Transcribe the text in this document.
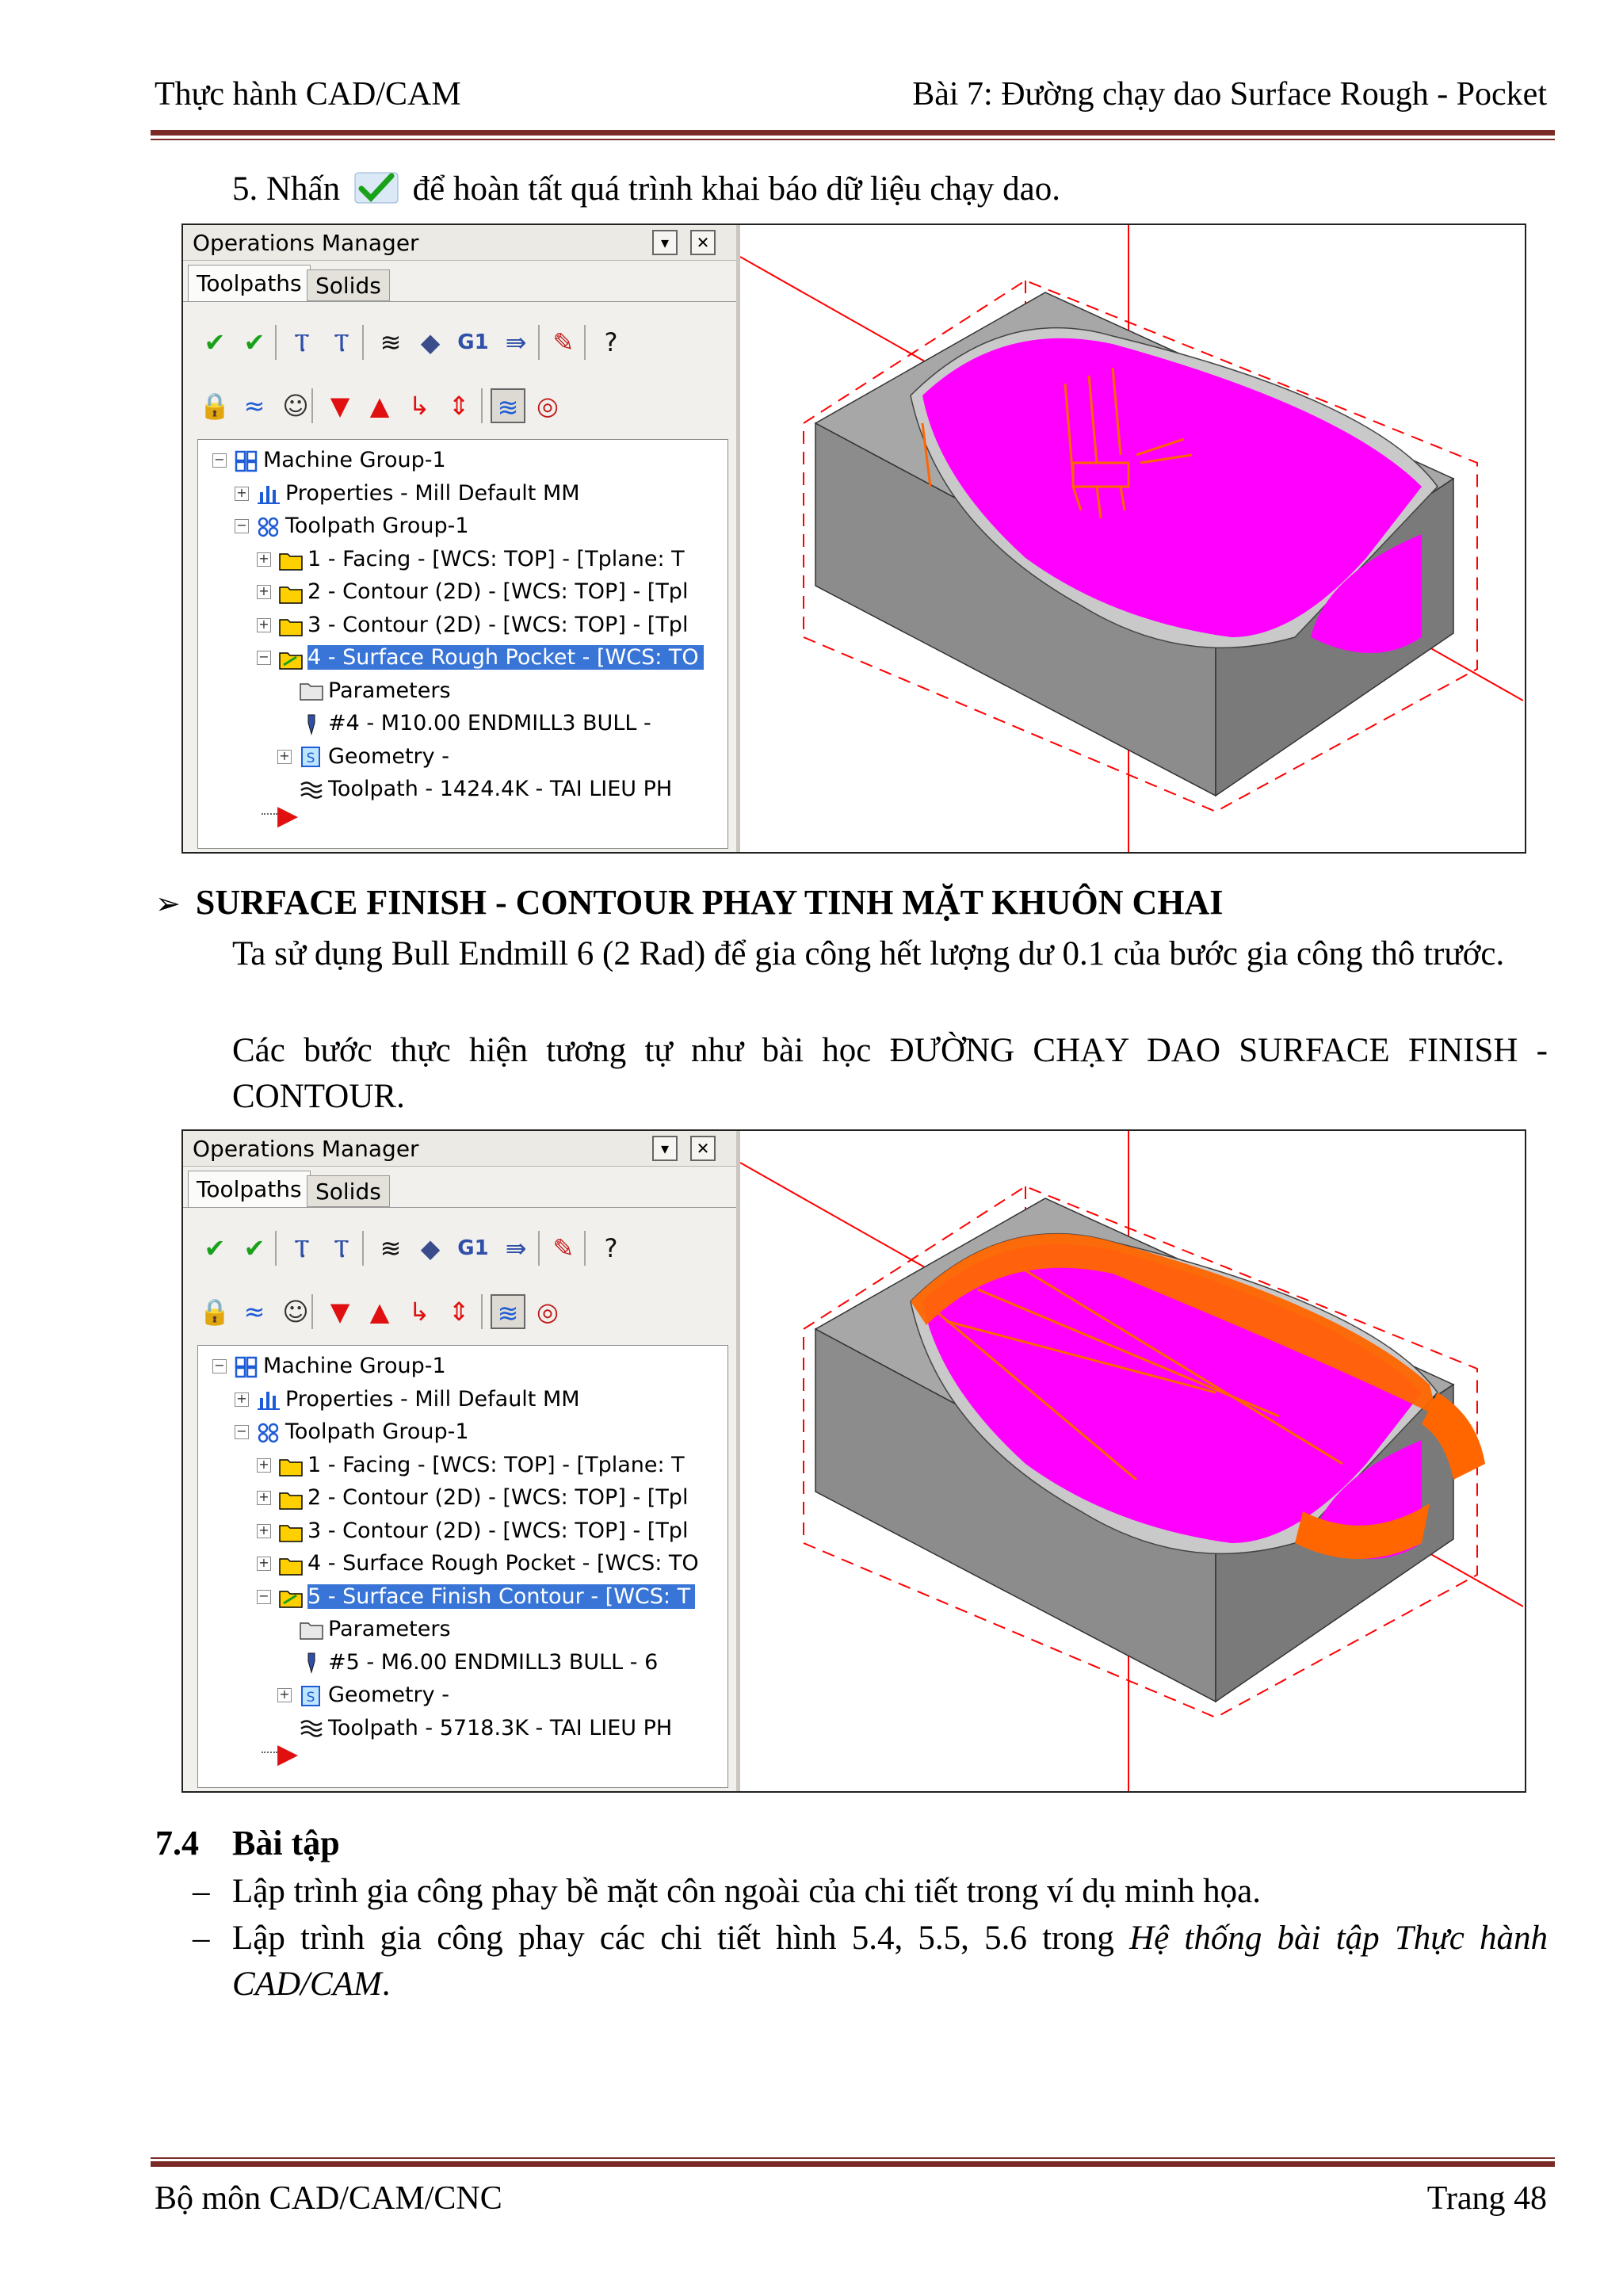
Thực hành CAD/CAM	Bài 7: Đường chạy dao Surface Rough - Pocket
5. Nhấn để hoàn tất quá trình khai báo dữ liệu chạy dao.
Operations Manager	▾	✕
Toolpaths Solids
✔ ✔	Ⲧ Ⲧ	≋ ◆ G1 ⇛ ✎	?
🔒 ≈ ☺ ▼ ▲ ↳ ⇕ ≋ ◎
−	Machine Group-1
+	Properties - Mill Default MM
−	Toolpath Group-1
+	1 - Facing - [WCS: TOP] - [Tplane: T
+	2 - Contour (2D) - [WCS: TOP] - [Tpl
+	3 - Contour (2D) - [WCS: TOP] - [Tpl
−	4 - Surface Rough Pocket - [WCS: TO
Parameters
#4 - M10.00 ENDMILL3 BULL -
+ S Geometry -
Toolpath - 1424.4K - TAI LIEU PH
▶
➢ SURFACE FINISH - CONTOUR PHAY TINH MẶT KHUÔN CHAI
Ta sử dụng Bull Endmill 6 (2 Rad) để gia công hết lượng dư 0.1 của bước gia công thô trước.
Các bước thực hiện tương tự như bài học ĐƯỜNG CHẠY DAO SURFACE FINISH - CONTOUR.
Operations Manager	▾	✕
Toolpaths Solids
✔ ✔	Ⲧ Ⲧ	≋ ◆ G1 ⇛ ✎	?
🔒 ≈ ☺ ▼ ▲ ↳ ⇕ ≋ ◎
−	Machine Group-1
+	Properties - Mill Default MM
−	Toolpath Group-1
+	1 - Facing - [WCS: TOP] - [Tplane: T
+	2 - Contour (2D) - [WCS: TOP] - [Tpl
+	3 - Contour (2D) - [WCS: TOP] - [Tpl
+	4 - Surface Rough Pocket - [WCS: TO
−	5 - Surface Finish Contour - [WCS: T
Parameters
#5 - M6.00 ENDMILL3 BULL - 6
+ S Geometry -
Toolpath - 5718.3K - TAI LIEU PH
▶
7.4 Bài tập
– Lập trình gia công phay bề mặt côn ngoài của chi tiết trong ví dụ minh họa.
– Lập trình gia công phay các chi tiết hình 5.4, 5.5, 5.6 trong Hệ thống bài tập Thực hành CAD/CAM.
Bộ môn CAD/CAM/CNC	Trang 48
